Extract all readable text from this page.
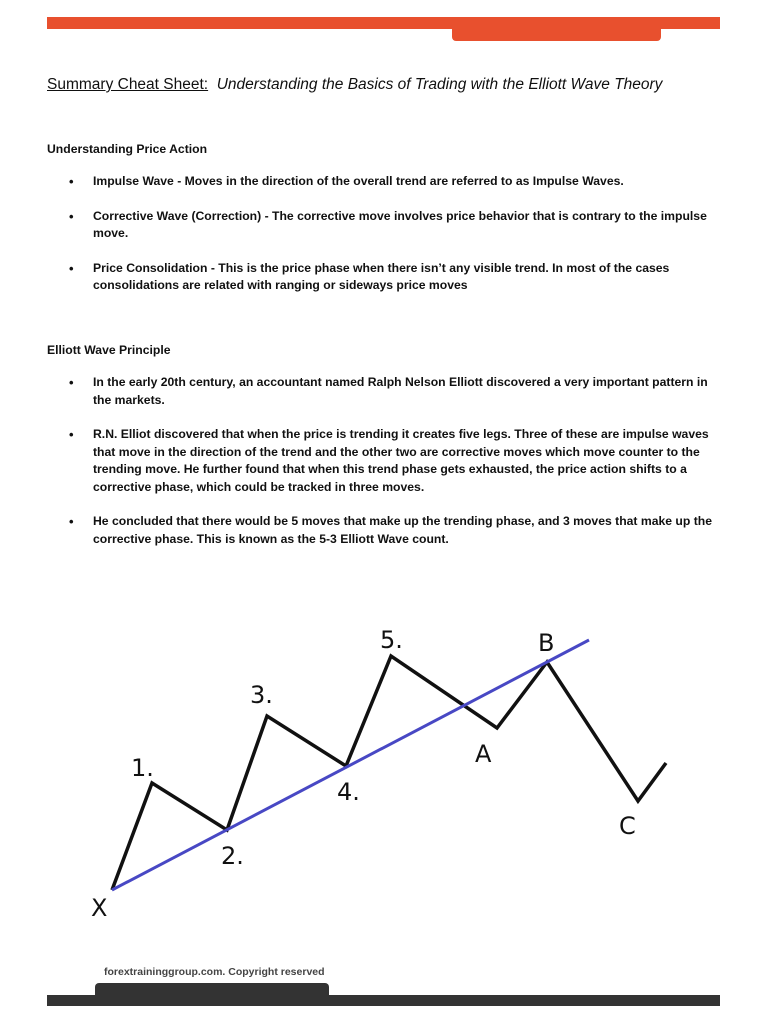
Summary Cheat Sheet: Understanding the Basics of Trading with the Elliott Wave Theory
Understanding Price Action
• Impulse Wave - Moves in the direction of the overall trend are referred to as Impulse Waves.
• Corrective Wave (Correction) - The corrective move involves price behavior that is contrary to the impulse move.
• Price Consolidation - This is the price phase when there isn’t any visible trend. In most of the cases consolidations are related with ranging or sideways price moves
Elliott Wave Principle
• In the early 20th century, an accountant named Ralph Nelson Elliott discovered a very important pattern in the markets.
• R.N. Elliot discovered that when the price is trending it creates five legs. Three of these are impulse waves that move in the direction of the trend and the other two are corrective moves which move counter to the trending move. He further found that when this trend phase gets exhausted, the price action shifts to a corrective phase, which could be tracked in three moves.
• He concluded that there would be 5 moves that make up the trending phase, and 3 moves that make up the corrective phase. This is known as the 5-3 Elliott Wave count.
X
1.
2.
3.
4.
5.
A
B
C
forextraininggroup.com. Copyright reserved
